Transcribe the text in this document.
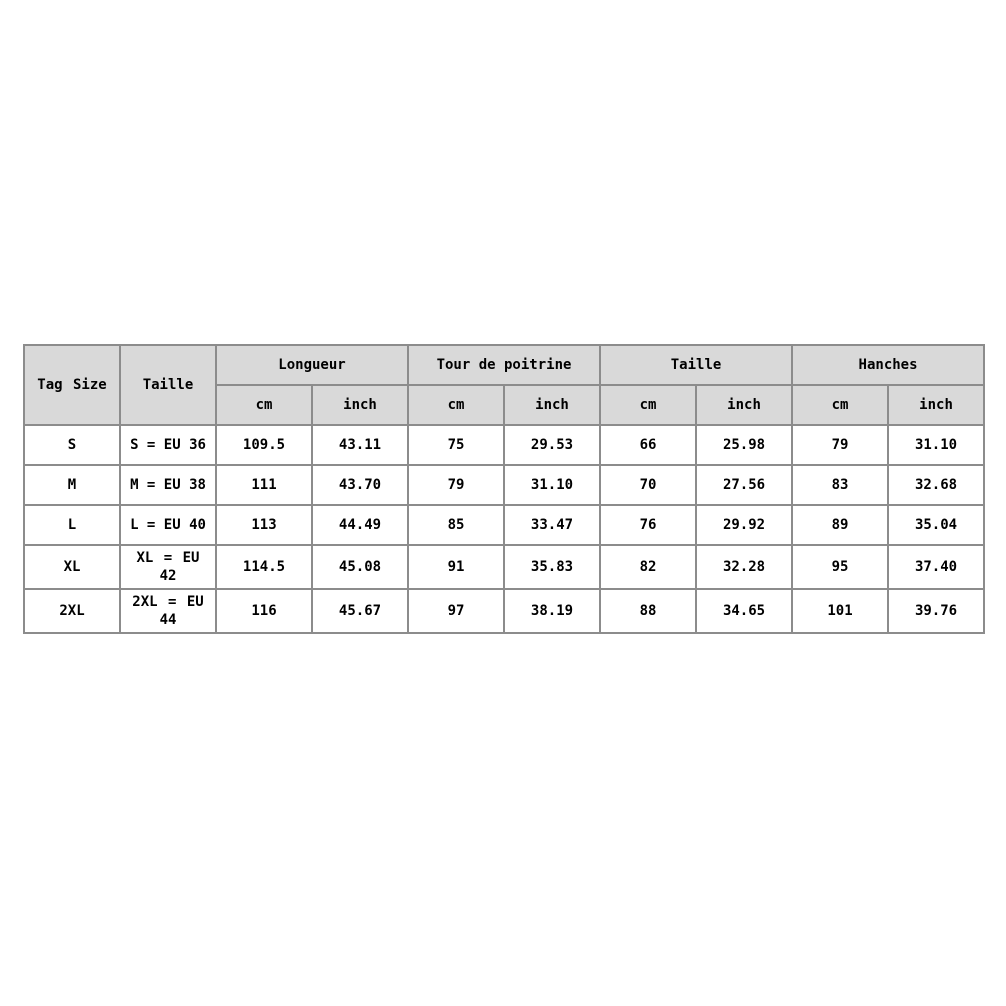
Tag Size	Taille	Longueur		Tour de poitrine		Taille		Hanches	
		cm	inch	cm	inch	cm	inch	cm	inch
S	S = EU 36	109.5	43.11	75	29.53	66	25.98	79	31.10
M	M = EU 38	111	43.70	79	31.10	70	27.56	83	32.68
L	L = EU 40	113	44.49	85	33.47	76	29.92	89	35.04
XL	XL = EU 42	114.5	45.08	91	35.83	82	32.28	95	37.40
2XL	2XL = EU 44	116	45.67	97	38.19	88	34.65	101	39.76
